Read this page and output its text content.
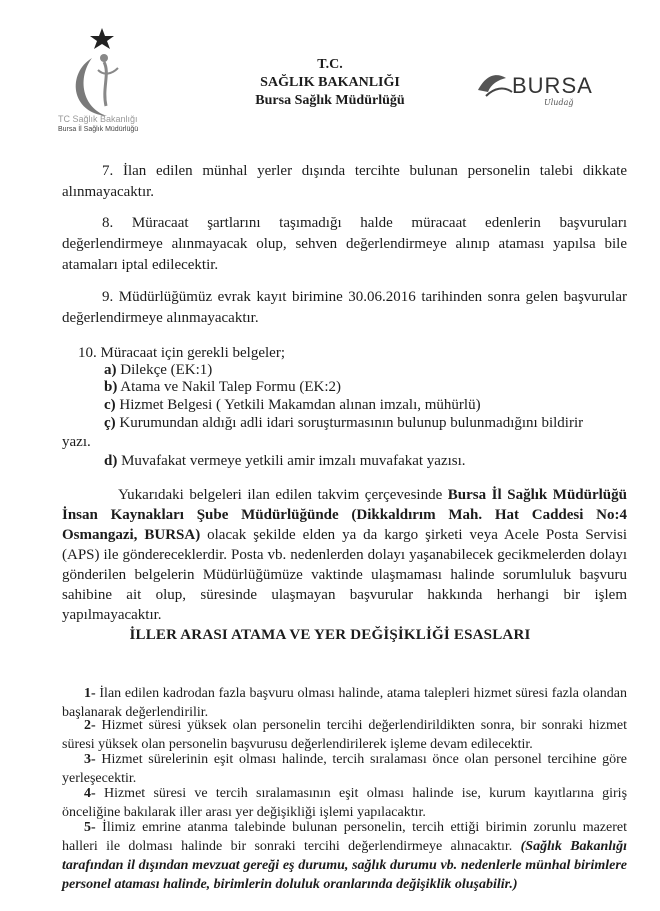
TC Sağlık Bakanlığı
Bursa İl Sağlık Müdürlüğü
T.C.
SAĞLIK BAKANLIĞI
Bursa Sağlık Müdürlüğü
BURSA
Uludağ
7. İlan edilen münhal yerler dışında tercihte bulunan personelin talebi dikkate alınmayacaktır.
8. Müracaat şartlarını taşımadığı halde müracaat edenlerin başvuruları değerlendirmeye alınmayacak olup, sehven değerlendirmeye alınıp ataması yapılsa bile atamaları iptal edilecektir.
9. Müdürlüğümüz evrak kayıt birimine 30.06.2016 tarihinden sonra gelen başvurular değerlendirmeye alınmayacaktır.
10. Müracaat için gerekli belgeler;
a) Dilekçe (EK:1)
b) Atama ve Nakil Talep Formu (EK:2)
c) Hizmet Belgesi ( Yetkili Makamdan alınan imzalı, mühürlü)
ç) Kurumundan aldığı adli idari soruşturmasının bulunup bulunmadığını bildirir
yazı.
d) Muvafakat vermeye yetkili amir imzalı muvafakat yazısı.
Yukarıdaki belgeleri ilan edilen takvim çerçevesinde Bursa İl Sağlık Müdürlüğü İnsan Kaynakları Şube Müdürlüğünde (Dikkaldırım Mah. Hat Caddesi No:4 Osmangazi, BURSA) olacak şekilde elden ya da kargo şirketi veya Acele Posta Servisi (APS) ile göndereceklerdir. Posta vb. nedenlerden dolayı yaşanabilecek gecikmelerden dolayı gönderilen belgelerin Müdürlüğümüze vaktinde ulaşmaması halinde sorumluluk başvuru sahibine ait olup, süresinde ulaşmayan başvurular hakkında herhangi bir işlem yapılmayacaktır.
İLLER ARASI ATAMA VE YER DEĞİŞİKLİĞİ ESASLARI
1- İlan edilen kadrodan fazla başvuru olması halinde, atama talepleri hizmet süresi fazla olandan başlanarak değerlendirilir.
2- Hizmet süresi yüksek olan personelin tercihi değerlendirildikten sonra, bir sonraki hizmet süresi yüksek olan personelin başvurusu değerlendirilerek işleme devam edilecektir.
3- Hizmet sürelerinin eşit olması halinde, tercih sıralaması önce olan personel tercihine göre yerleşecektir.
4- Hizmet süresi ve tercih sıralamasının eşit olması halinde ise, kurum kayıtlarına giriş önceliğine bakılarak iller arası yer değişikliği işlemi yapılacaktır.
5- İlimiz emrine atanma talebinde bulunan personelin, tercih ettiği birimin zorunlu mazeret halleri ile dolması halinde bir sonraki tercihi değerlendirmeye alınacaktır. (Sağlık Bakanlığı tarafından il dışından mevzuat gereği eş durumu, sağlık durumu vb. nedenlerle münhal birimlere personel ataması halinde, birimlerin doluluk oranlarında değişiklik oluşabilir.)
